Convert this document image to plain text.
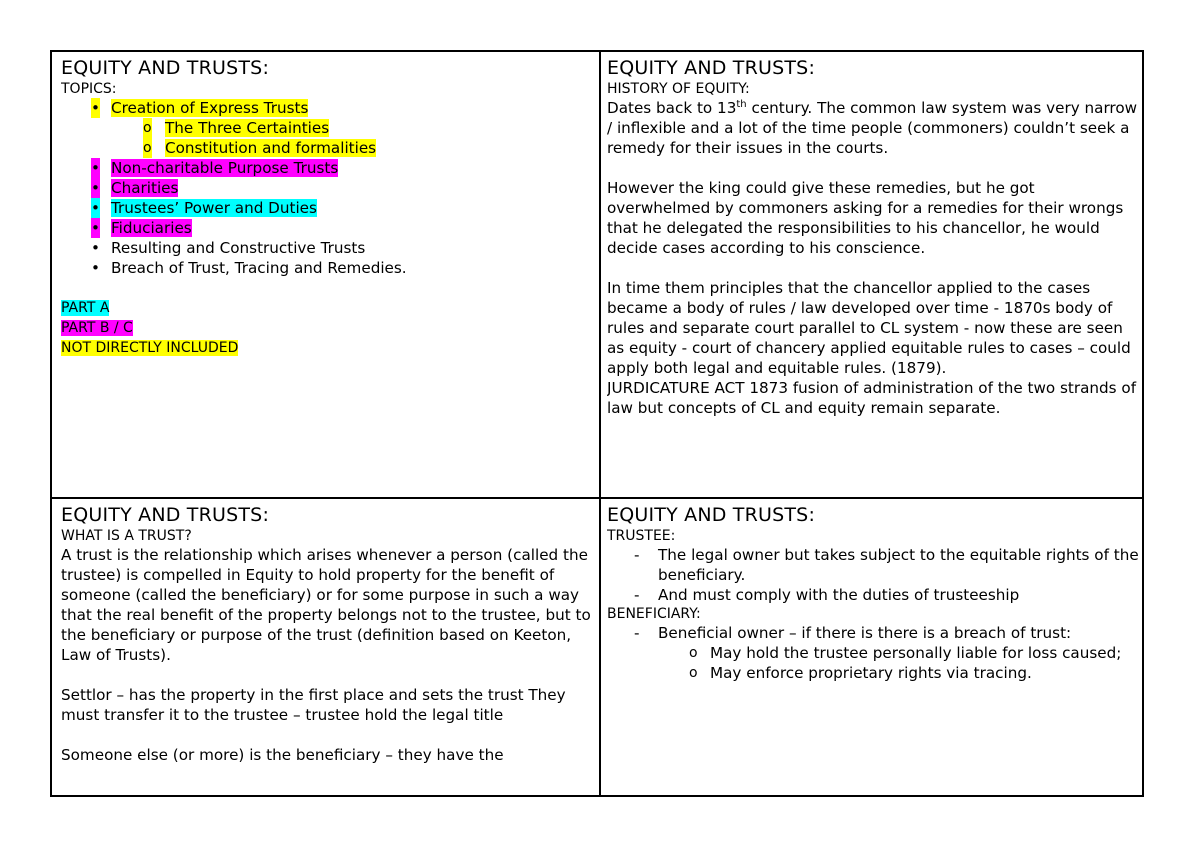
EQUITY AND TRUSTS:
TOPICS:
• Creation of Express Trusts
o The Three Certainties
o Constitution and formalities
• Non-charitable Purpose Trusts
• Charities
• Trustees’ Power and Duties
• Fiduciaries
• Resulting and Constructive Trusts
• Breach of Trust, Tracing and Remedies.
PART A
PART B / C
NOT DIRECTLY INCLUDED
EQUITY AND TRUSTS:
HISTORY OF EQUITY:
Dates back to 13th century. The common law system was very narrow / inflexible and a lot of the time people (commoners) couldn’t seek a remedy for their issues in the courts.
However the king could give these remedies, but he got overwhelmed by commoners asking for a remedies for their wrongs that he delegated the responsibilities to his chancellor, he would decide cases according to his conscience.
In time them principles that the chancellor applied to the cases became a body of rules / law developed over time - 1870s body of rules and separate court parallel to CL system - now these are seen as equity - court of chancery applied equitable rules to cases – could apply both legal and equitable rules. (1879).
JURDICATURE ACT 1873 fusion of administration of the two strands of law but concepts of CL and equity remain separate.
EQUITY AND TRUSTS:
WHAT IS A TRUST?
A trust is the relationship which arises whenever a person (called the trustee) is compelled in Equity to hold property for the benefit of someone (called the beneficiary) or for some purpose in such a way that the real benefit of the property belongs not to the trustee, but to the beneficiary or purpose of the trust (definition based on Keeton, Law of Trusts).
Settlor – has the property in the first place and sets the trust They must transfer it to the trustee – trustee hold the legal title
Someone else (or more) is the beneficiary – they have the
EQUITY AND TRUSTS:
TRUSTEE:
- The legal owner but takes subject to the equitable rights of the beneficiary.
- And must comply with the duties of trusteeship
BENEFICIARY:
- Beneficial owner – if there is there is a breach of trust:
o May hold the trustee personally liable for loss caused;
o May enforce proprietary rights via tracing.
